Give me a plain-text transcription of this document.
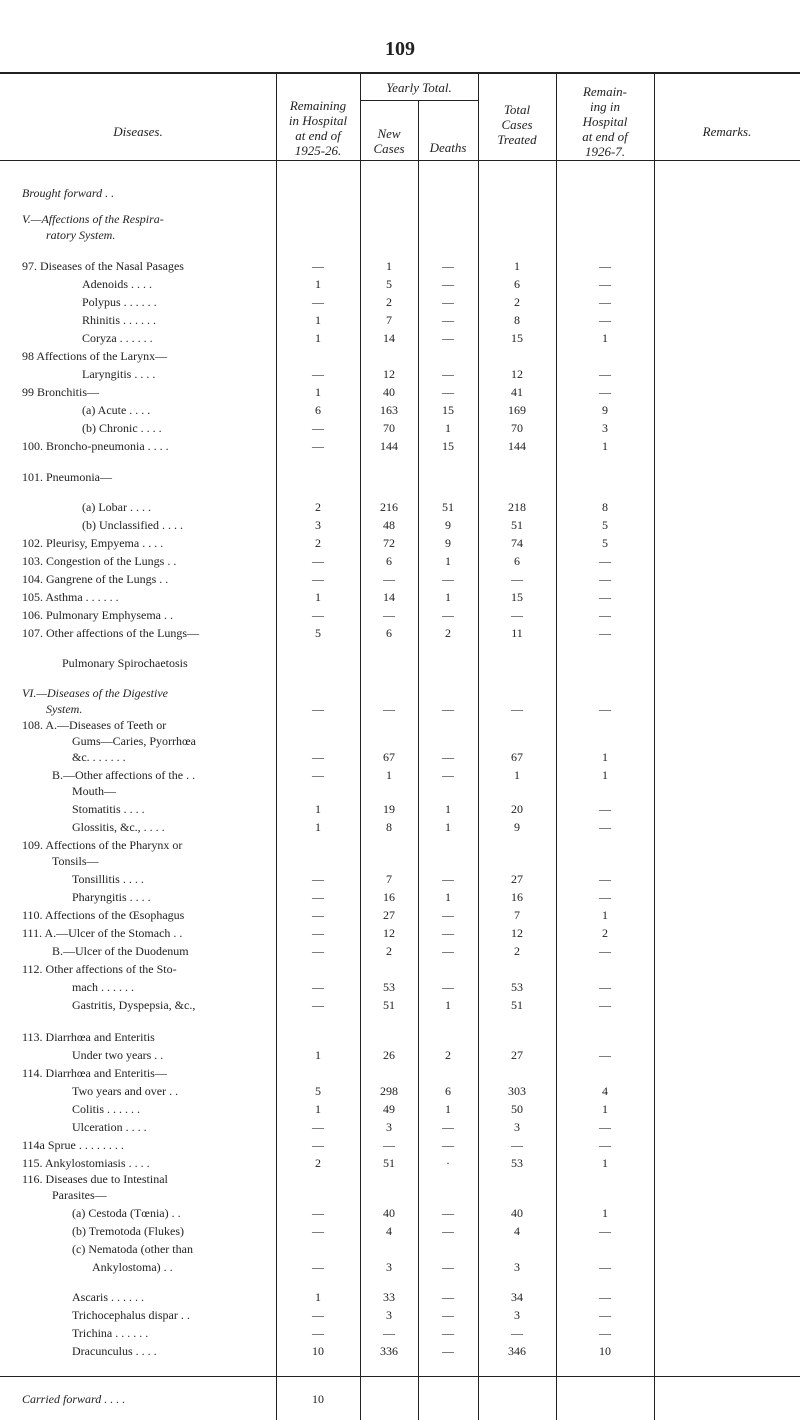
109
Diseases.
Remaining
in Hospital
at end of
1925-26.
Yearly Total.
New
Cases	Deaths
Total
Cases
Treated
Remain-
ing in
Hospital
at end of
1926-7.
Remarks.
Brought forward . .
V.—Affections of the Respira-
ratory System.
97. Diseases of the Nasal Pasages	—	1	—	1	—
Adenoids . . . .	1	5	—	6	—
Polypus . . . . . .	—	2	—	2	—
Rhinitis . . . . . .	1	7	—	8	—
Coryza . . . . . .	1	14	—	15	1
98 Affections of the Larynx—
Laryngitis . . . .	—	12	—	12	—
99 Bronchitis—	1	40	—	41	—
(a) Acute . . . .	6	163	15	169	9
(b) Chronic . . . .	—	70	1	70	3
100. Broncho-pneumonia . . . .	—	144	15	144	1
101. Pneumonia—
(a) Lobar . . . .	2	216	51	218	8
(b) Unclassified . . . .	3	48	9	51	5
102. Pleurisy, Empyema . . . .	2	72	9	74	5
103. Congestion of the Lungs . .	—	6	1	6	—
104. Gangrene of the Lungs . .	—	—	—	—	—
105. Asthma . . . . . .	1	14	1	15	—
106. Pulmonary Emphysema . .	—	—	—	—	—
107. Other affections of the Lungs—	5	6	2	11	—
Pulmonary Spirochaetosis
VI.—Diseases of the Digestive
System.	—	—	—	—	—
108. A.—Diseases of Teeth or
Gums—Caries, Pyorrhœa
&c. . . . . . .	—	67	—	67	1
B.—Other affections of the . .	—	1	—	1	1
Mouth—
Stomatitis . . . .	1	19	1	20	—
Glossitis, &c., . . . .	1	8	1	9	—
109. Affections of the Pharynx or
Tonsils—
Tonsillitis . . . .	—	7	—	27	—
Pharyngitis . . . .	—	16	1	16	—
110. Affections of the Œsophagus	—	27	—	7	1
111. A.—Ulcer of the Stomach . .	—	12	—	12	2
B.—Ulcer of the Duodenum	—	2	—	2	—
112. Other affections of the Sto-
mach . . . . . .	—	53	—	53	—
Gastritis, Dyspepsia, &c.,	—	51	1	51	—
113. Diarrhœa and Enteritis
Under two years . .	1	26	2	27	—
114. Diarrhœa and Enteritis—
Two years and over . .	5	298	6	303	4
Colitis . . . . . .	1	49	1	50	1
Ulceration . . . .	—	3	—	3	—
114a Sprue . . . . . . . .	—	—	—	—	—
115. Ankylostomiasis . . . .	2	51	·	53	1
116. Diseases due to Intestinal
Parasites—
(a) Cestoda (Tœnia) . .	—	40	—	40	1
(b) Tremotoda (Flukes)	—	4	—	4	—
(c) Nematoda (other than
Ankylostoma) . .	—	3	—	3	—
Ascaris . . . . . .	1	33	—	34	—
Trichocephalus dispar . .	—	3	—	3	—
Trichina . . . . . .	—	—	—	—	—
Dracunculus . . . .	10	336	—	346	10
Carried forward . . . .	10
